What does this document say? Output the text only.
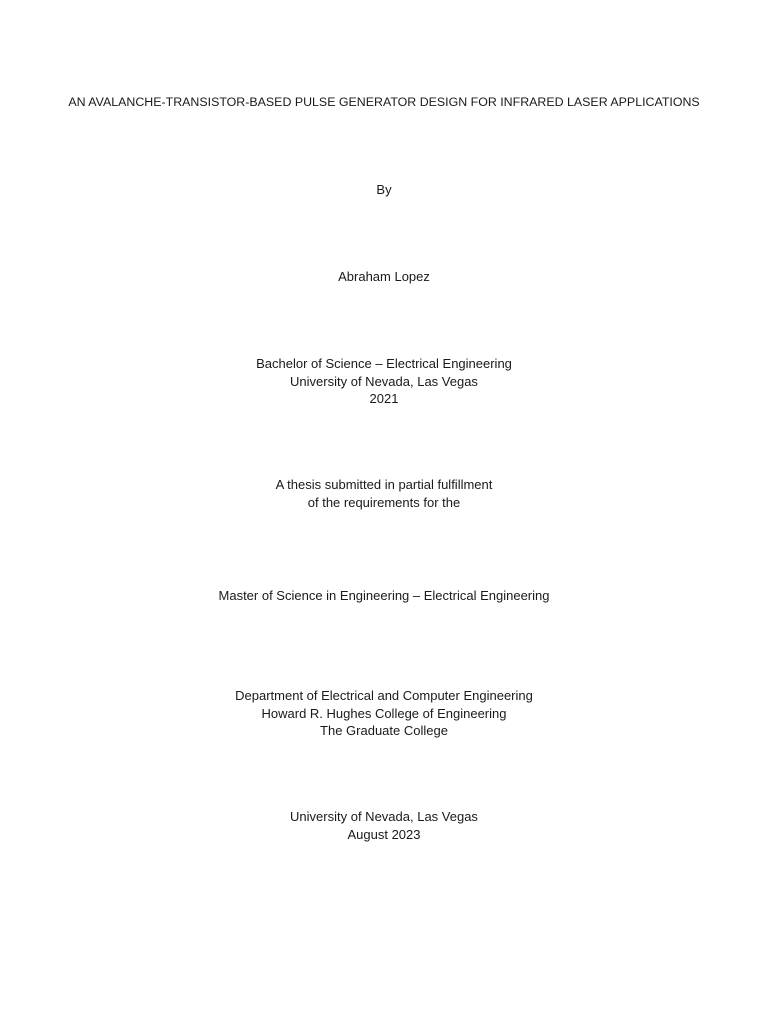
AN AVALANCHE-TRANSISTOR-BASED PULSE GENERATOR DESIGN FOR INFRARED LASER APPLICATIONS
By
Abraham Lopez
Bachelor of Science – Electrical Engineering
University of Nevada, Las Vegas
2021
A thesis submitted in partial fulfillment
of the requirements for the
Master of Science in Engineering – Electrical Engineering
Department of Electrical and Computer Engineering
Howard R. Hughes College of Engineering
The Graduate College
University of Nevada, Las Vegas
August 2023
